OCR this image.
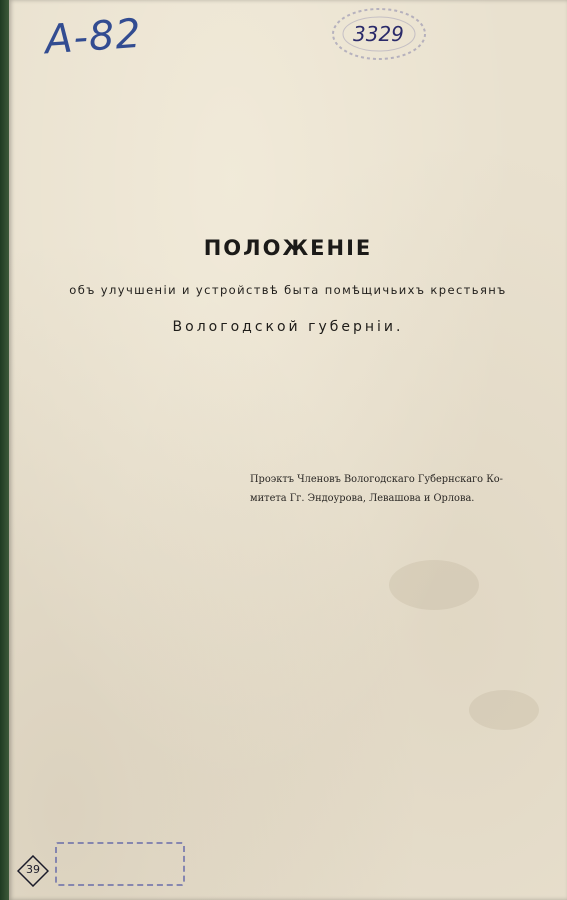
A-82	3329
ПОЛОЖЕНІЕ
объ улучшеніи и устройствѣ быта помѣщичьихъ крестьянъ
Вологодской губерніи.
Проэктъ Членовъ Вологодскаго Губернскаго Ко-
митета Гг. Эндоурова, Левашова и Орлова.
39
